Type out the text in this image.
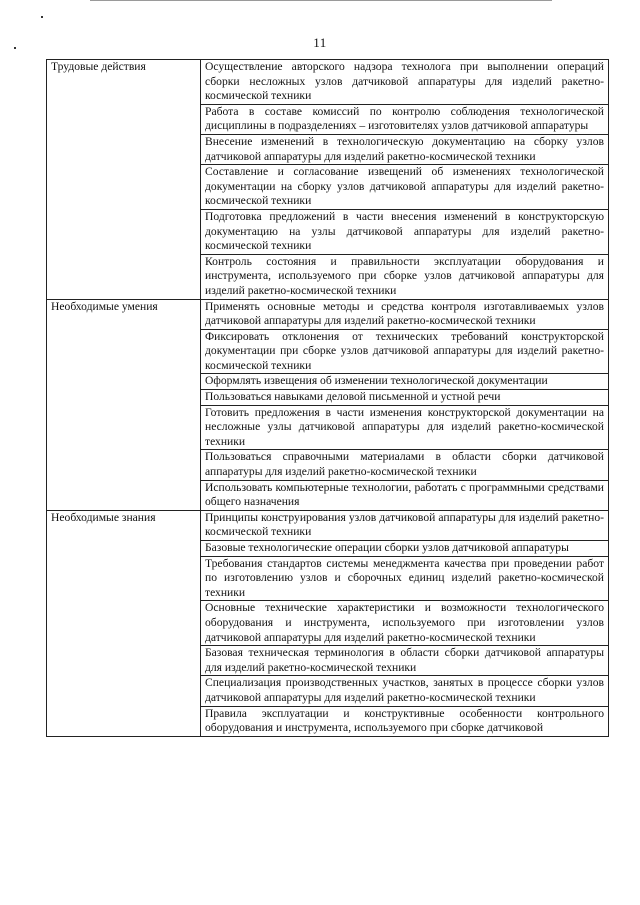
11
Трудовые действия	Осуществление авторского надзора технолога при выполнении операций сборки несложных узлов датчиковой аппаратуры для изделий ракетно-космической техники
	Работа в составе комиссий по контролю соблюдения технологической дисциплины в подразделениях – изготовителях узлов датчиковой аппаратуры
	Внесение изменений в технологическую документацию на сборку узлов датчиковой аппаратуры для изделий ракетно-космической техники
	Составление и согласование извещений об изменениях технологической документации на сборку узлов датчиковой аппаратуры для изделий ракетно-космической техники
	Подготовка предложений в части внесения изменений в конструкторскую документацию на узлы датчиковой аппаратуры для изделий ракетно-космической техники
	Контроль состояния и правильности эксплуатации оборудования и инструмента, используемого при сборке узлов датчиковой аппаратуры для изделий ракетно-космической техники
Необходимые умения	Применять основные методы и средства контроля изготавливаемых узлов датчиковой аппаратуры для изделий ракетно-космической техники
	Фиксировать отклонения от технических требований конструкторской документации при сборке узлов датчиковой аппаратуры для изделий ракетно-космической техники
	Оформлять извещения об изменении технологической документации
	Пользоваться навыками деловой письменной и устной речи
	Готовить предложения в части изменения конструкторской документации на несложные узлы датчиковой аппаратуры для изделий ракетно-космической техники
	Пользоваться справочными материалами в области сборки датчиковой аппаратуры для изделий ракетно-космической техники
	Использовать компьютерные технологии, работать с программными средствами общего назначения
Необходимые знания	Принципы конструирования узлов датчиковой аппаратуры для изделий ракетно-космической техники
	Базовые технологические операции сборки узлов датчиковой аппаратуры
	Требования стандартов системы менеджмента качества при проведении работ по изготовлению узлов и сборочных единиц изделий ракетно-космической техники
	Основные технические характеристики и возможности технологического оборудования и инструмента, используемого при изготовлении узлов датчиковой аппаратуры для изделий ракетно-космической техники
	Базовая техническая терминология в области сборки датчиковой аппаратуры для изделий ракетно-космической техники
	Специализация производственных участков, занятых в процессе сборки узлов датчиковой аппаратуры для изделий ракетно-космической техники
	Правила эксплуатации и конструктивные особенности контрольного оборудования и инструмента, используемого при сборке датчиковой
